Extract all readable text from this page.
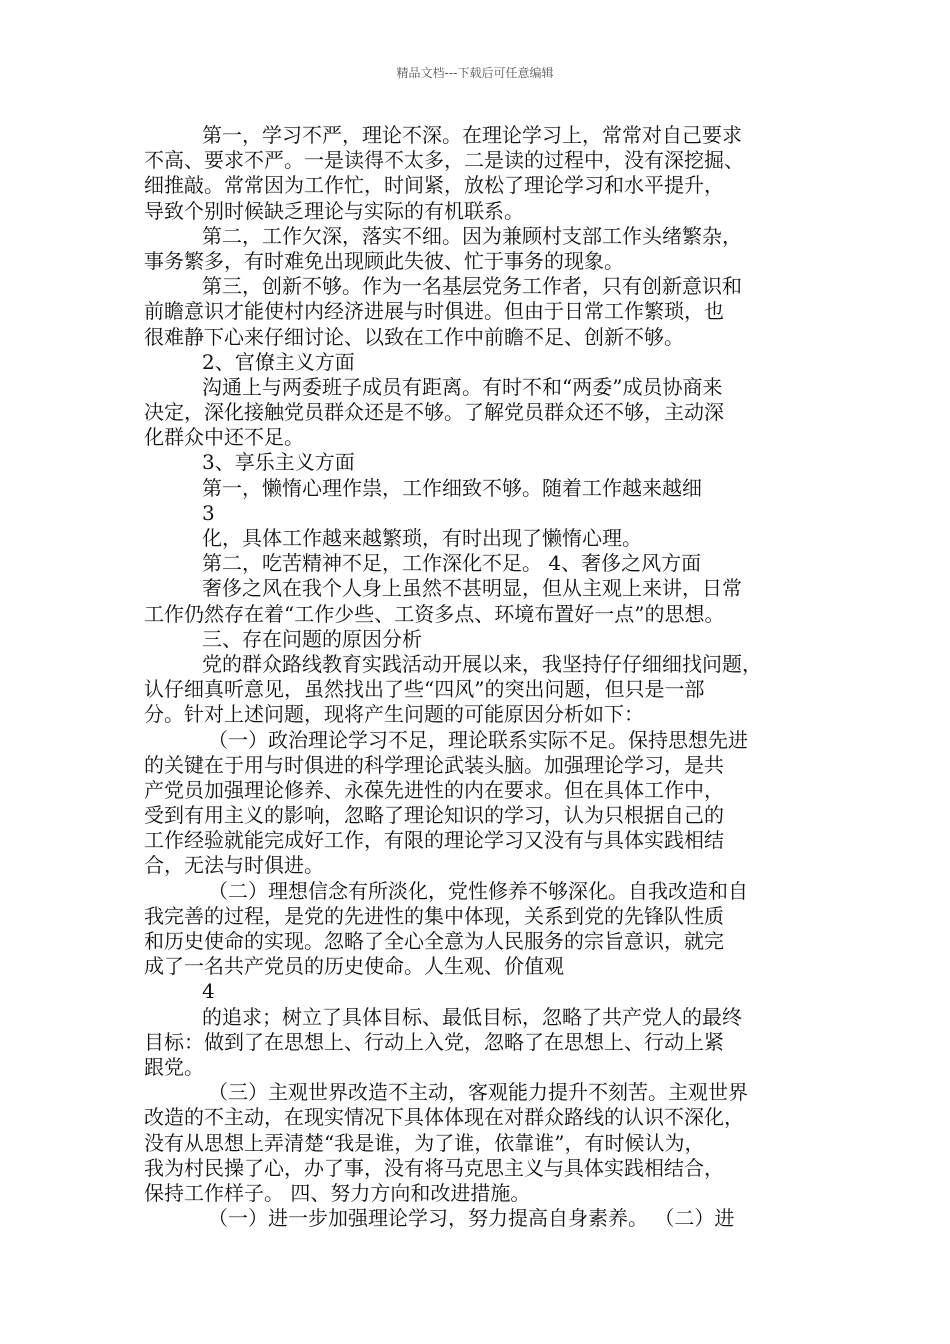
精品文档---下载后可任意编辑
第一，学习不严，理论不深。在理论学习上，常常对自己要求
不高、要求不严。一是读得不太多，二是读的过程中，没有深挖掘、
细推敲。常常因为工作忙，时间紧，放松了理论学习和水平提升，
导致个别时候缺乏理论与实际的有机联系。
第二，工作欠深，落实不细。因为兼顾村支部工作头绪繁杂，
事务繁多，有时难免出现顾此失彼、忙于事务的现象。
第三，创新不够。作为一名基层党务工作者，只有创新意识和
前瞻意识才能使村内经济进展与时俱进。但由于日常工作繁琐，也
很难静下心来仔细讨论、以致在工作中前瞻不足、创新不够。
2、官僚主义方面
沟通上与两委班子成员有距离。有时不和“两委”成员协商来
决定，深化接触党员群众还是不够。了解党员群众还不够，主动深
化群众中还不足。
3、享乐主义方面
第一，懒惰心理作祟，工作细致不够。随着工作越来越细
3
化，具体工作越来越繁琐，有时出现了懒惰心理。
第二，吃苦精神不足，工作深化不足。 4、奢侈之风方面
奢侈之风在我个人身上虽然不甚明显，但从主观上来讲，日常
工作仍然存在着“工作少些、工资多点、环境布置好一点”的思想。
三、存在问题的原因分析
党的群众路线教育实践活动开展以来，我坚持仔仔细细找问题，
认仔细真听意见，虽然找出了些“四风”的突出问题，但只是一部
分。针对上述问题，现将产生问题的可能原因分析如下：
（一）政治理论学习不足，理论联系实际不足。保持思想先进
的关键在于用与时俱进的科学理论武装头脑。加强理论学习，是共
产党员加强理论修养、永葆先进性的内在要求。但在具体工作中，
受到有用主义的影响，忽略了理论知识的学习，认为只根据自己的
工作经验就能完成好工作，有限的理论学习又没有与具体实践相结
合，无法与时俱进。
（二）理想信念有所淡化，党性修养不够深化。自我改造和自
我完善的过程，是党的先进性的集中体现，关系到党的先锋队性质
和历史使命的实现。忽略了全心全意为人民服务的宗旨意识，就完
成了一名共产党员的历史使命。人生观、价值观
4
的追求；树立了具体目标、最低目标，忽略了共产党人的最终
目标：做到了在思想上、行动上入党，忽略了在思想上、行动上紧
跟党。
（三）主观世界改造不主动，客观能力提升不刻苦。主观世界
改造的不主动，在现实情况下具体体现在对群众路线的认识不深化，
没有从思想上弄清楚“我是谁，为了谁，依靠谁”，有时候认为，
我为村民操了心，办了事，没有将马克思主义与具体实践相结合，
保持工作样子。 四、努力方向和改进措施。
（一）进一步加强理论学习，努力提高自身素养。 （二）进
